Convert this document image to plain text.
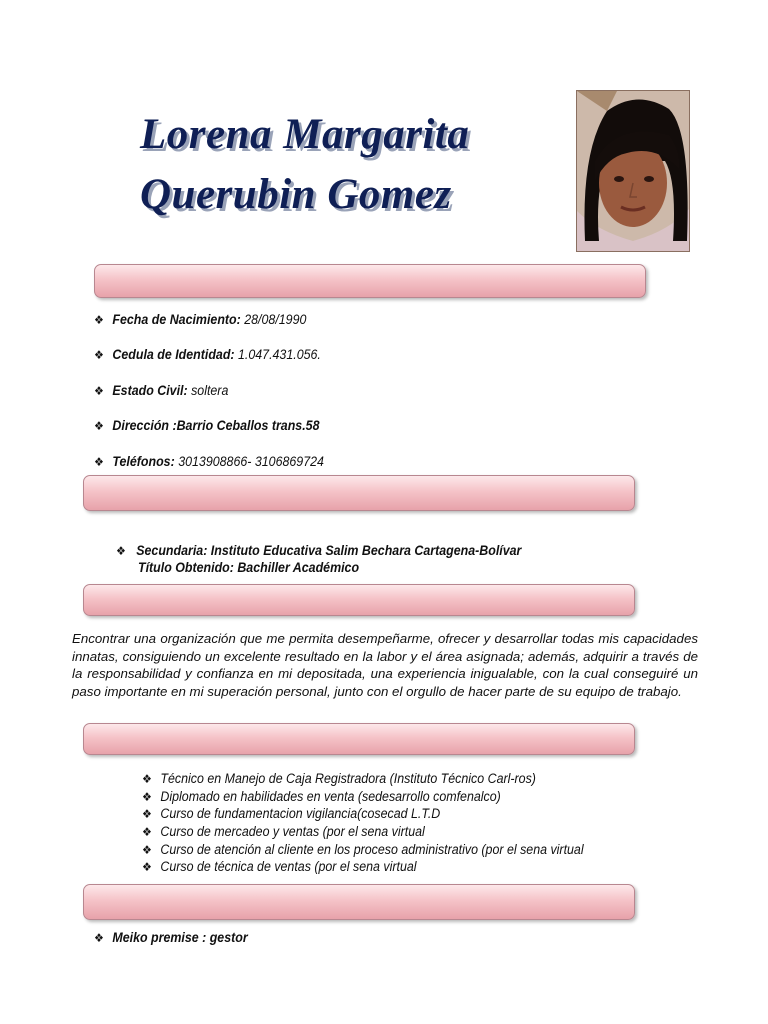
Lorena Margarita
Querubin Gomez
❖ Fecha de Nacimiento: 28/08/1990
❖ Cedula de Identidad: 1.047.431.056.
❖ Estado Civil: soltera
❖ Dirección :Barrio Ceballos trans.58
❖ Teléfonos: 3013908866- 3106869724
❖ Secundaria: Instituto Educativa Salim Bechara Cartagena-Bolívar
Título Obtenido: Bachiller Académico
Encontrar una organización que me permita desempeñarme, ofrecer y desarrollar todas mis capacidades innatas, consiguiendo un excelente resultado en la labor y el área asignada; además, adquirir a través de la responsabilidad y confianza en mi depositada, una experiencia inigualable, con la cual conseguiré un paso importante en mi superación personal, junto con el orgullo de hacer parte de su equipo de trabajo.
❖ Técnico en Manejo de Caja Registradora (Instituto Técnico Carl-ros)
❖ Diplomado en habilidades en venta (sedesarrollo comfenalco)
❖ Curso de fundamentacion vigilancia(cosecad L.T.D
❖ Curso de mercadeo y ventas (por el sena virtual
❖ Curso de atención al cliente en los proceso administrativo (por el sena virtual
❖ Curso de técnica de ventas (por el sena virtual
❖ Meiko premise : gestor
